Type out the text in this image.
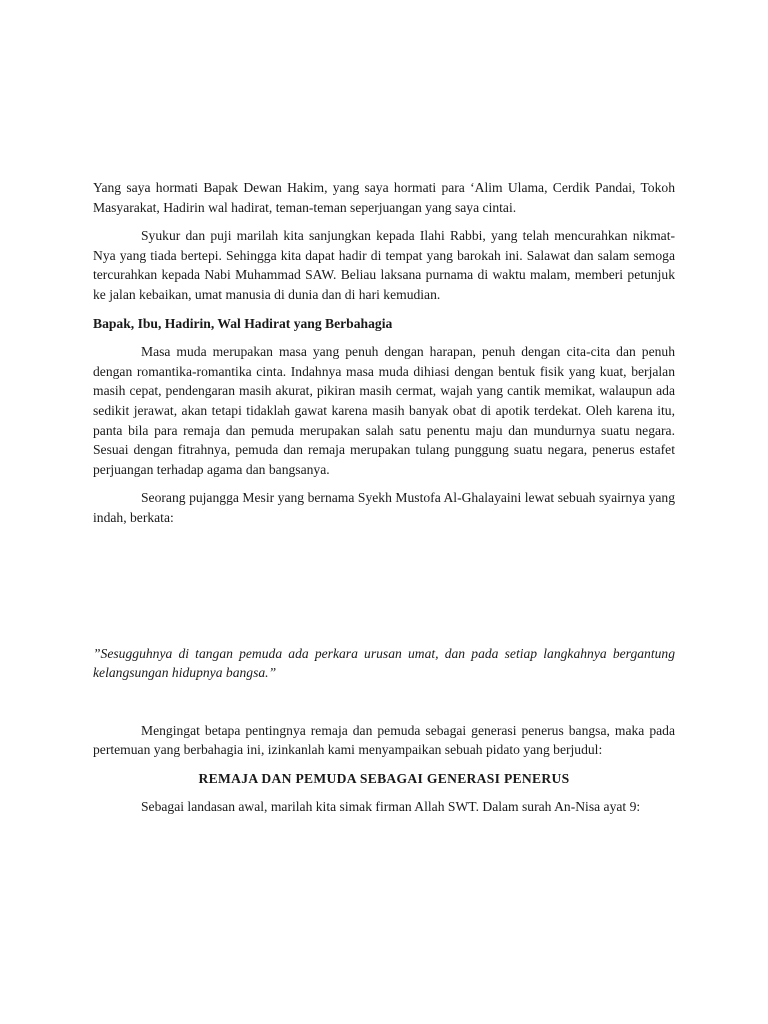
Yang saya hormati Bapak Dewan Hakim, yang saya hormati para ‘Alim Ulama, Cerdik Pandai, Tokoh Masyarakat, Hadirin wal hadirat, teman-teman seperjuangan yang saya cintai.

Syukur dan puji marilah kita sanjungkan kepada Ilahi Rabbi, yang telah mencurahkan nikmat-Nya yang tiada bertepi. Sehingga kita dapat hadir di tempat yang barokah ini. Salawat dan salam semoga tercurahkan kepada Nabi Muhammad SAW. Beliau laksana purnama di waktu malam, memberi petunjuk ke jalan kebaikan, umat manusia di dunia dan di hari kemudian.

Bapak, Ibu, Hadirin, Wal Hadirat yang Berbahagia

Masa muda merupakan masa yang penuh dengan harapan, penuh dengan cita-cita dan penuh dengan romantika-romantika cinta. Indahnya masa muda dihiasi dengan bentuk fisik yang kuat, berjalan masih cepat, pendengaran masih akurat, pikiran masih cermat, wajah yang cantik memikat, walaupun ada sedikit jerawat, akan tetapi tidaklah gawat karena masih banyak obat di apotik terdekat. Oleh karena itu, panta bila para remaja dan pemuda merupakan salah satu penentu maju dan mundurnya suatu negara. Sesuai dengan fitrahnya, pemuda dan remaja merupakan tulang punggung suatu negara, penerus estafet perjuangan terhadap agama dan bangsanya.

Seorang pujangga Mesir yang bernama Syekh Mustofa Al-Ghalayaini lewat sebuah syairnya yang indah, berkata:

”Sesugguhnya di tangan pemuda ada perkara urusan umat, dan pada setiap langkahnya bergantung kelangsungan hidupnya bangsa.”

Mengingat betapa pentingnya remaja dan pemuda sebagai generasi penerus bangsa, maka pada pertemuan yang berbahagia ini, izinkanlah kami menyampaikan sebuah pidato yang berjudul:

REMAJA DAN PEMUDA SEBAGAI GENERASI PENERUS

Sebagai landasan awal, marilah kita simak firman Allah SWT. Dalam surah An-Nisa ayat 9:
